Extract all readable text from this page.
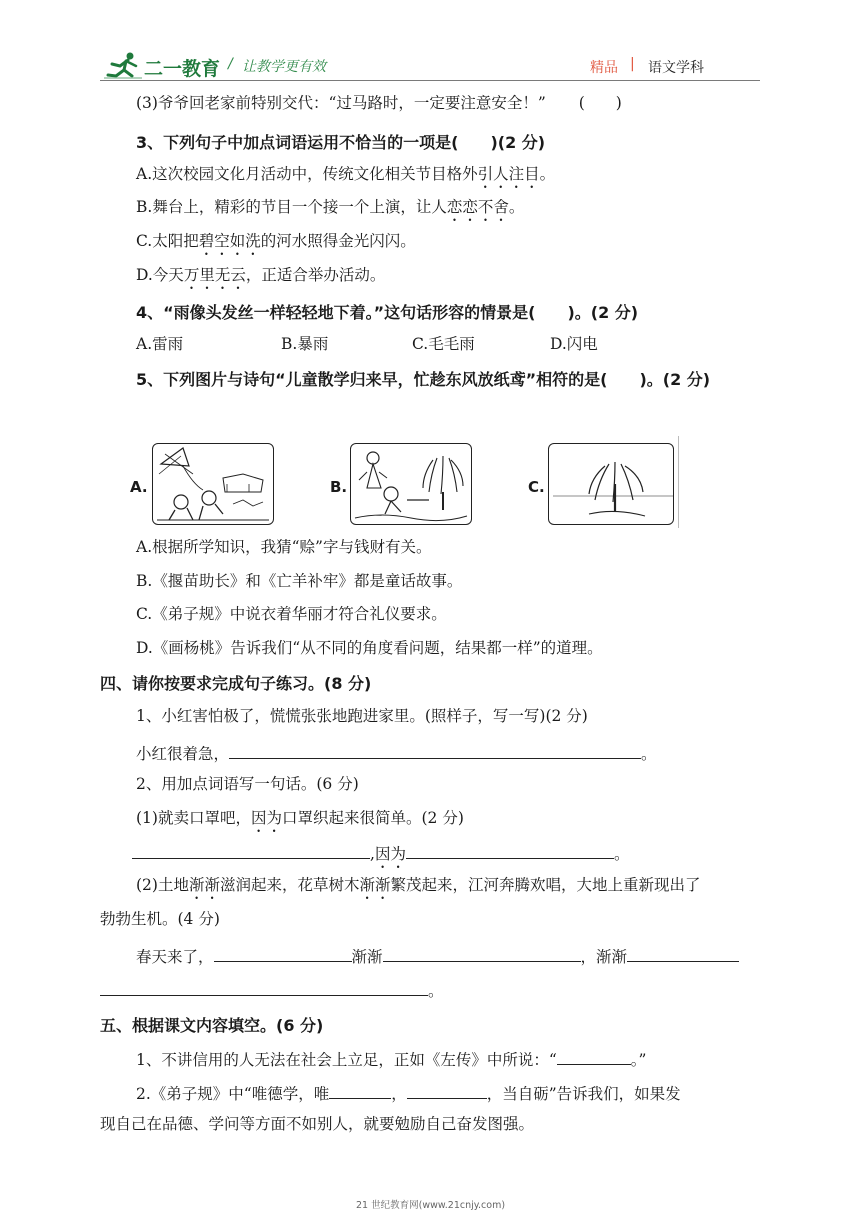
二一教育 / 让教学更有效	精品 | 语文学科
(3)爷爷回老家前特别交代：“过马路时，一定要注意安全！” (　　)
3、下列句子中加点词语运用不恰当的一项是(　　)(2 分)
A.这次校园文化月活动中，传统文化相关节目格外引人注目。
B.舞台上，精彩的节目一个接一个上演，让人恋恋不舍。
C.太阳把碧空如洗的河水照得金光闪闪。
D.今天万里无云，正适合举办活动。
4、“雨像头发丝一样轻轻地下着。”这句话形容的情景是(　　)。(2 分)
A.雷雨	B.暴雨	C.毛毛雨	D.闪电
5、下列图片与诗句“儿童散学归来早，忙趁东风放纸鸢”相符的是(　　)。(2 分)
A.	B.	C.
A.根据所学知识，我猜“赊”字与钱财有关。
B.《揠苗助长》和《亡羊补牢》都是童话故事。
C.《弟子规》中说衣着华丽才符合礼仪要求。
D.《画杨桃》告诉我们“从不同的角度看问题，结果都一样”的道理。
四、请你按要求完成句子练习。(8 分)
1、小红害怕极了，慌慌张张地跑进家里。(照样子，写一写)(2 分)
小红很着急，	。
2、用加点词语写一句话。(6 分)
(1)就卖口罩吧，因为口罩织起来很简单。(2 分)
,因为	。
(2)土地渐渐滋润起来，花草树木渐渐繁茂起来，江河奔腾欢唱，大地上重新现出了
勃勃生机。(4 分)
春天来了，	渐渐	，渐渐
。
五、根据课文内容填空。(6 分)
1、不讲信用的人无法在社会上立足，正如《左传》中所说：“	。”
2.《弟子规》中“唯德学，唯	，	，当自砺”告诉我们，如果发
现自己在品德、学问等方面不如别人，就要勉励自己奋发图强。
21 世纪教育网(www.21cnjy.com)
